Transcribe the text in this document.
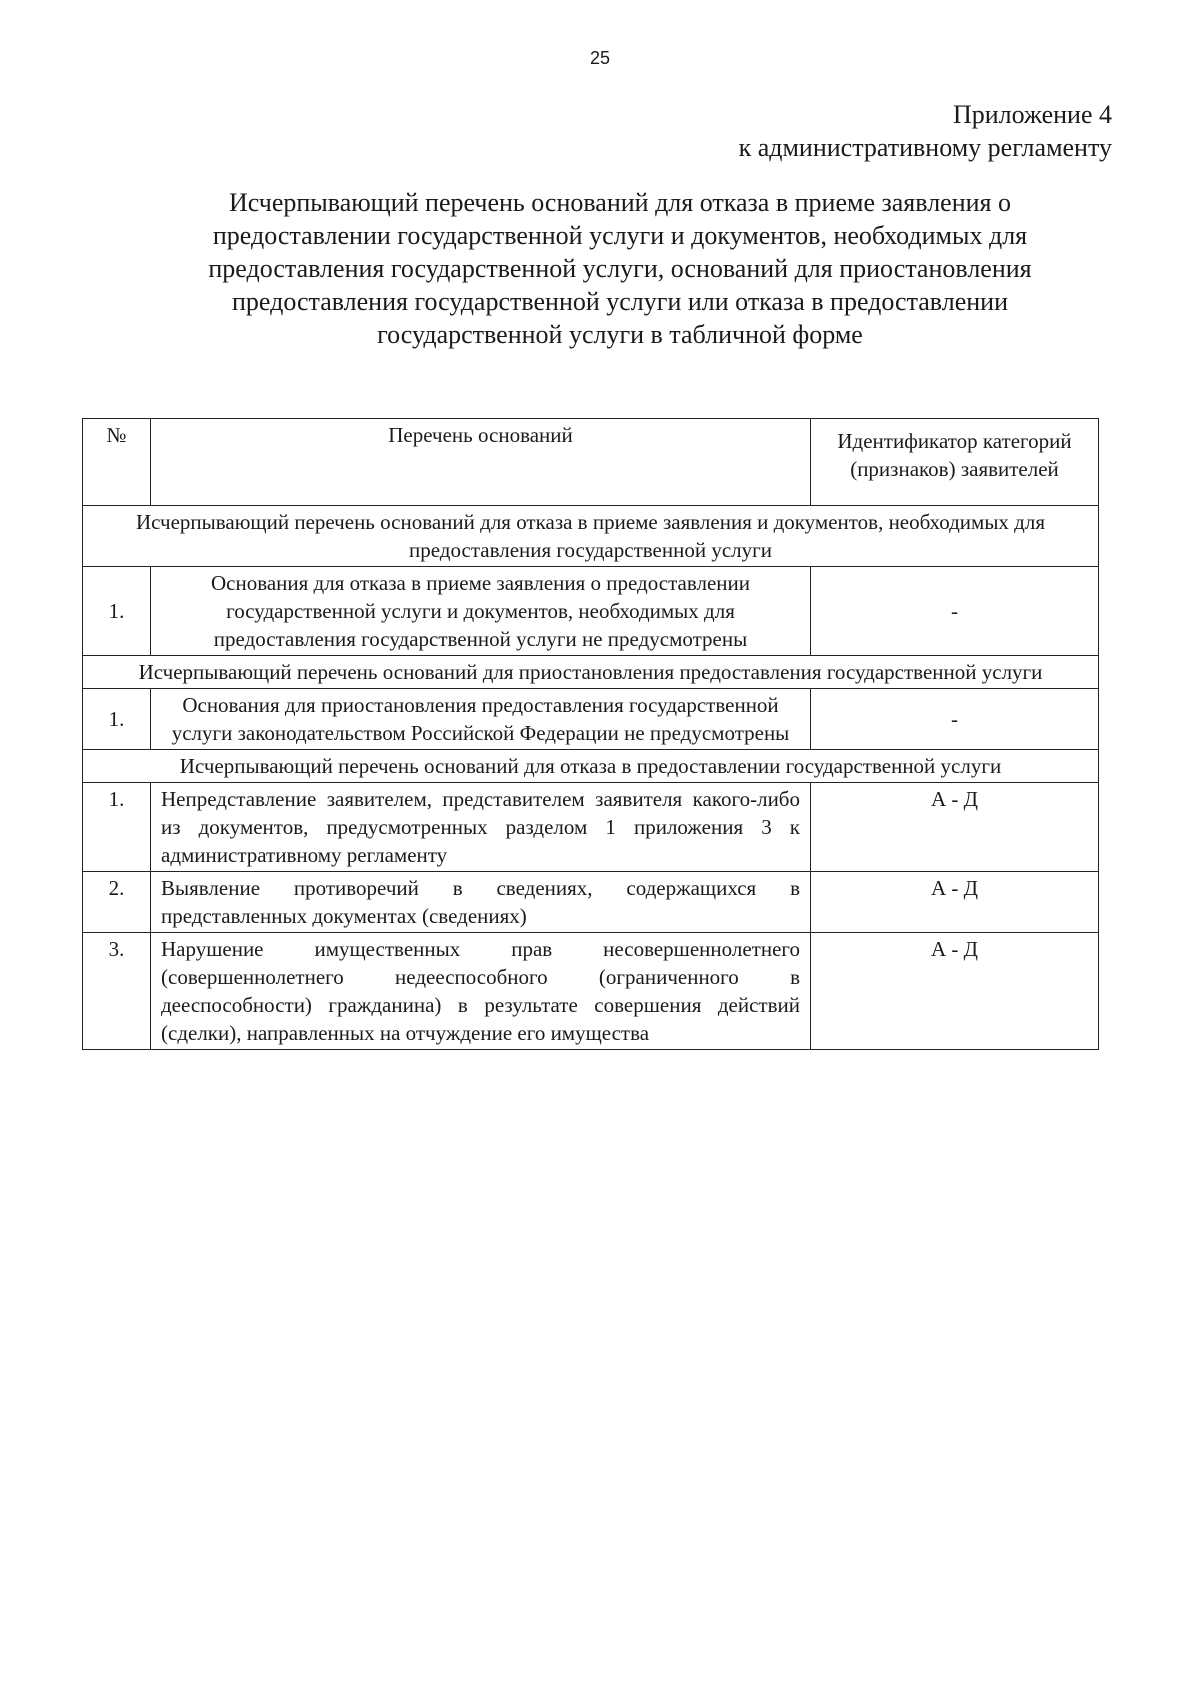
25
Приложение 4
к административному регламенту
Исчерпывающий перечень оснований для отказа в приеме заявления о предоставлении государственной услуги и документов, необходимых для предоставления государственной услуги, оснований для приостановления предоставления государственной услуги или отказа в предоставлении государственной услуги в табличной форме
№	Перечень оснований	Идентификатор категорий (признаков) заявителей
Исчерпывающий перечень оснований для отказа в приеме заявления и документов, необходимых для предоставления государственной услуги		
1.	Основания для отказа в приеме заявления о предоставлении государственной услуги и документов, необходимых для предоставления государственной услуги не предусмотрены	-
Исчерпывающий перечень оснований для приостановления предоставления государственной услуги		
1.	Основания для приостановления предоставления государственной услуги законодательством Российской Федерации не предусмотрены	-
Исчерпывающий перечень оснований для отказа в предоставлении государственной услуги		
1.	Непредставление заявителем, представителем заявителя какого-либо из документов, предусмотренных разделом 1 приложения 3 к административному регламенту	А - Д
2.	Выявление противоречий в сведениях, содержащихся в представленных документах (сведениях)	А - Д
3.	Нарушение имущественных прав несовершеннолетнего (совершеннолетнего недееспособного (ограниченного в дееспособности) гражданина) в результате совершения действий (сделки), направленных на отчуждение его имущества	А - Д
